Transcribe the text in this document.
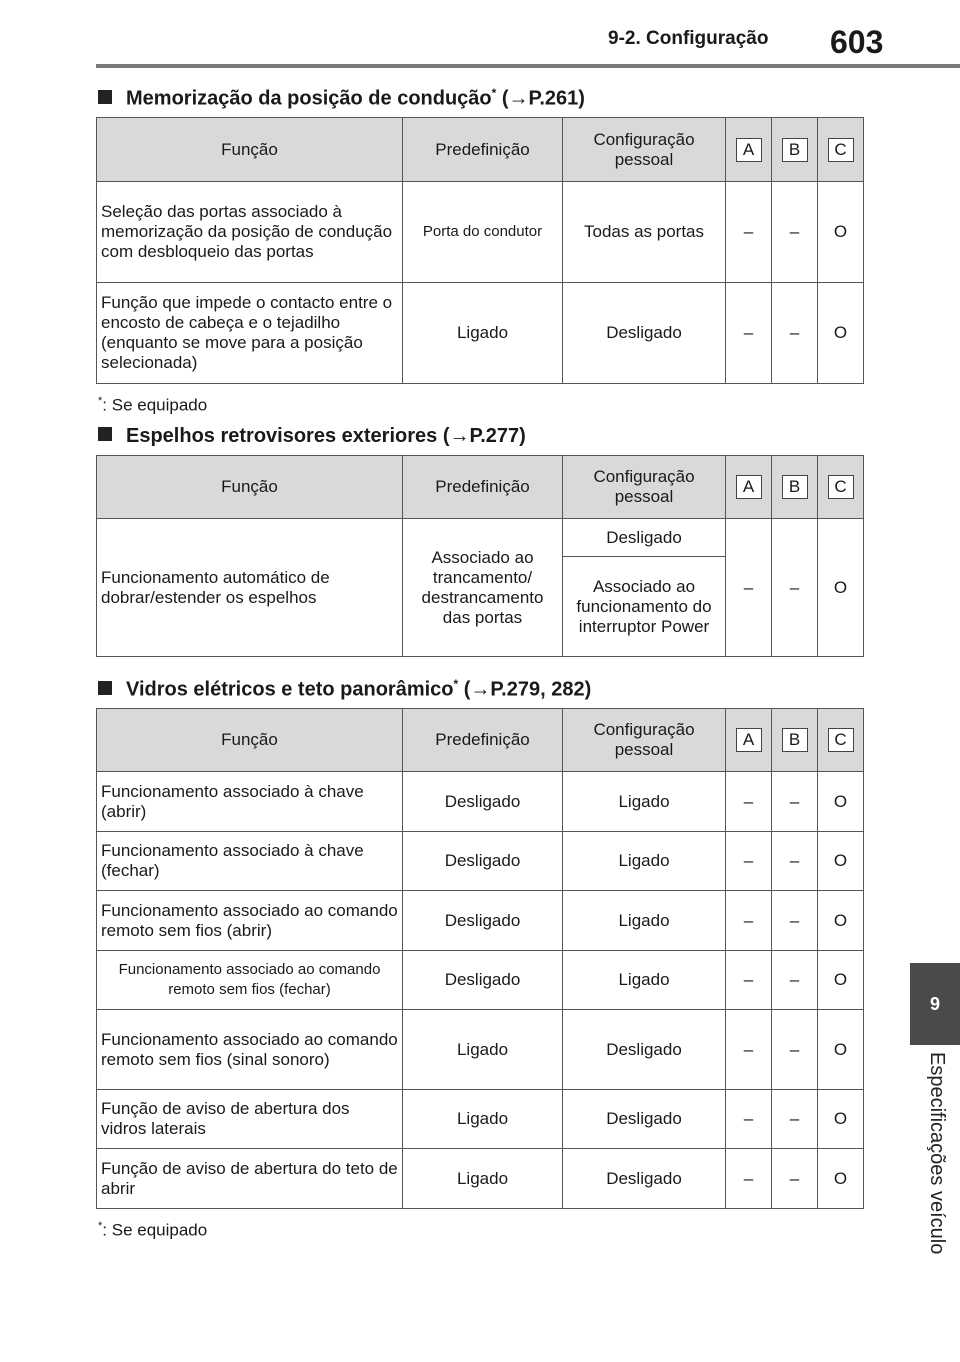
9-2. Configuração 603
9
Especificações veículo
Memorização da posição de condução* (→P.261)
Função	Predefinição	Configuração pessoal	A	B	C
Seleção das portas associado à memorização da posição de condução com desbloqueio das portas	Porta do condutor	Todas as portas	–	–	O
Função que impede o contacto entre o encosto de cabeça e o tejadilho (enquanto se move para a posição selecionada)	Ligado	Desligado	–	–	O
*: Se equipado
Espelhos retrovisores exteriores (→P.277)
Função	Predefinição	Configuração pessoal	A	B	C
Funcionamento automático de dobrar/estender os espelhos	Associado ao trancamento/ destrancamento das portas	Desligado	–	–	O
		Associado ao funcionamento do interruptor Power			
Vidros elétricos e teto panorâmico* (→P.279, 282)
Função	Predefinição	Configuração pessoal	A	B	C
Funcionamento associado à chave (abrir)	Desligado	Ligado	–	–	O
Funcionamento associado à chave (fechar)	Desligado	Ligado	–	–	O
Funcionamento associado ao comando remoto sem fios (abrir)	Desligado	Ligado	–	–	O
Funcionamento associado ao comando remoto sem fios (fechar)	Desligado	Ligado	–	–	O
Funcionamento associado ao comando remoto sem fios (sinal sonoro)	Ligado	Desligado	–	–	O
Função de aviso de abertura dos vidros laterais	Ligado	Desligado	–	–	O
Função de aviso de abertura do teto de abrir	Ligado	Desligado	–	–	O
*: Se equipado
